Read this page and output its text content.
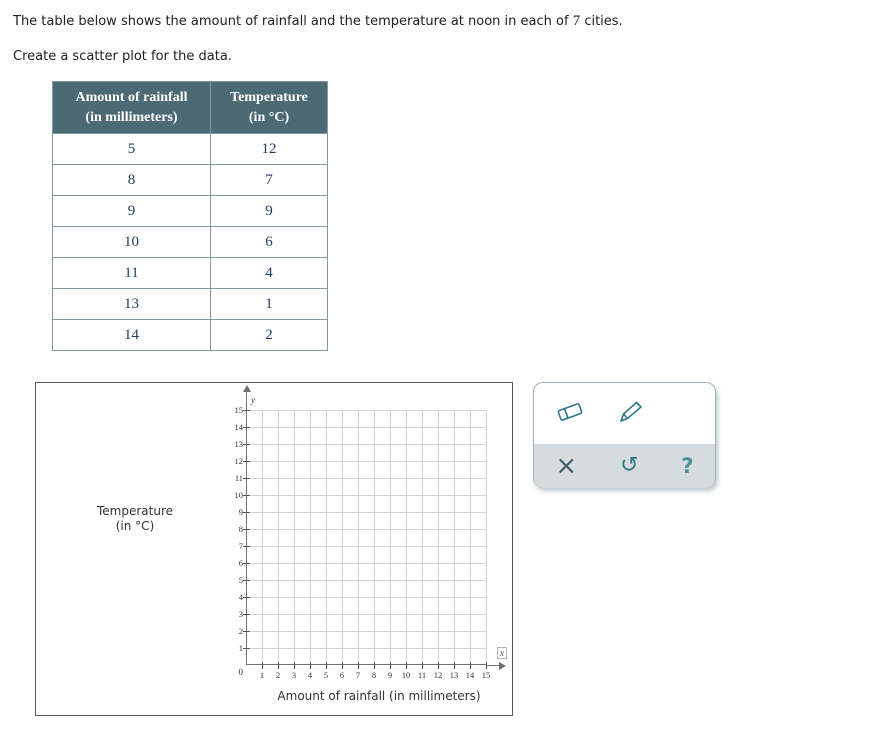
The table below shows the amount of rainfall and the temperature at noon in each of 7 cities.

Create a scatter plot for the data.

Amount of rainfall
(in millimeters)	Temperature
(in °C)
5	12
8	7
9	9
10	6
11	4
13	1
14	2
Temperature
(in °C)
y
x
0
Amount of rainfall (in millimeters)
1	2	3	4	5	6	7	8	9	10 11 12 13 14 15
1
2
3
4
5
6
7
8
9
10
11
12
13
14
15
× ↺ ?
